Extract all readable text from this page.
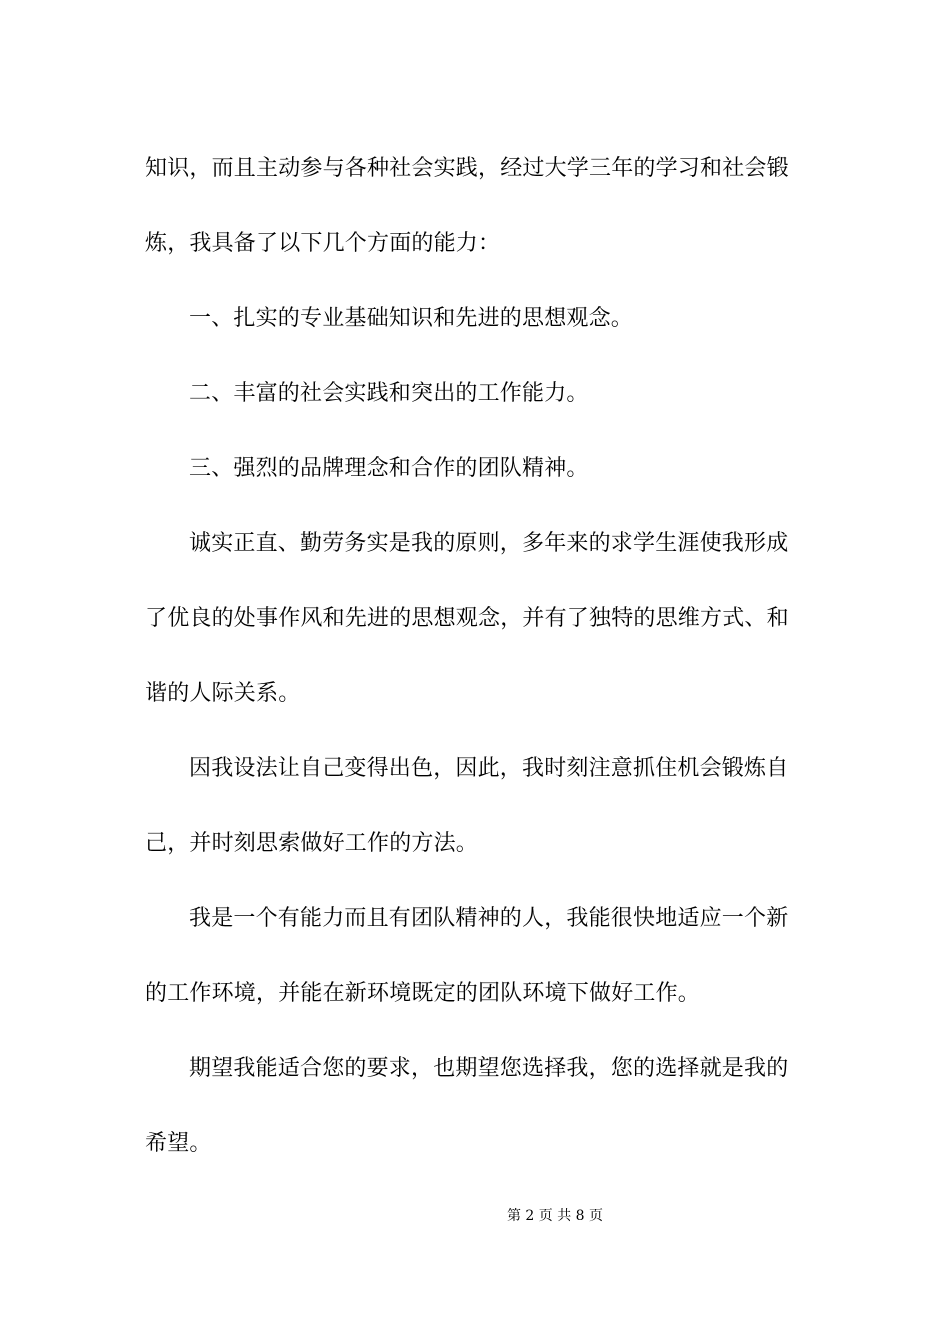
知识，而且主动参与各种社会实践，经过大学三年的学习和社会锻炼，我具备了以下几个方面的能力：

一、扎实的专业基础知识和先进的思想观念。

二、丰富的社会实践和突出的工作能力。

三、强烈的品牌理念和合作的团队精神。

诚实正直、勤劳务实是我的原则，多年来的求学生涯使我形成了优良的处事作风和先进的思想观念，并有了独特的思维方式、和谐的人际关系。

因我设法让自己变得出色，因此，我时刻注意抓住机会锻炼自己，并时刻思索做好工作的方法。

我是一个有能力而且有团队精神的人，我能很快地适应一个新的工作环境，并能在新环境既定的团队环境下做好工作。

期望我能适合您的要求，也期望您选择我，您的选择就是我的希望。

第 2 页 共 8 页
